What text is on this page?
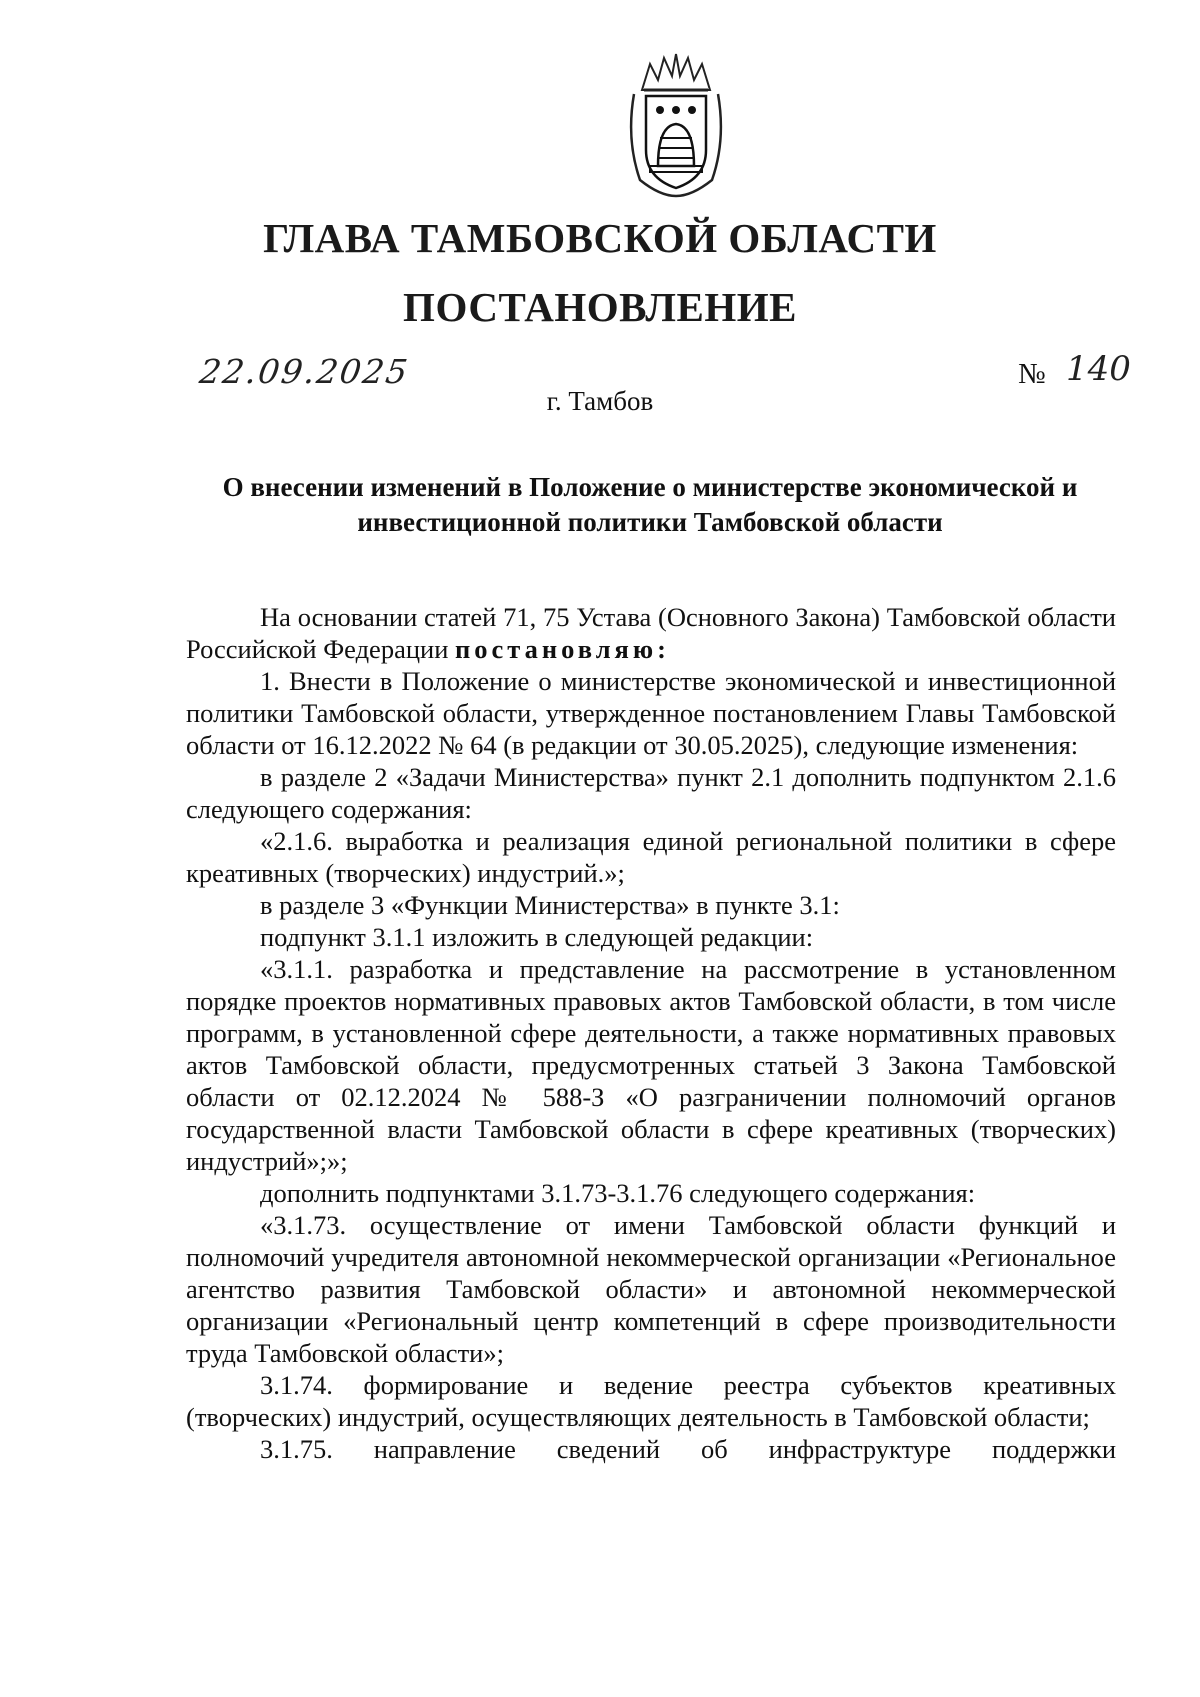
ГЛАВА ТАМБОВСКОЙ ОБЛАСТИ
ПОСТАНОВЛЕНИЕ
22.09.2025	№ 140
г. Тамбов
О внесении изменений в Положение о министерстве экономической и инвестиционной политики Тамбовской области

На основании статей 71, 75 Устава (Основного Закона) Тамбовской области Российской Федерации постановляю:

1. Внести в Положение о министерстве экономической и инвестиционной политики Тамбовской области, утвержденное постановлением Главы Тамбовской области от 16.12.2022 № 64 (в редакции от 30.05.2025), следующие изменения:

в разделе 2 «Задачи Министерства» пункт 2.1 дополнить подпунктом 2.1.6 следующего содержания:

«2.1.6. выработка и реализация единой региональной политики в сфере креативных (творческих) индустрий.»;

в разделе 3 «Функции Министерства» в пункте 3.1:

подпункт 3.1.1 изложить в следующей редакции:

«3.1.1. разработка и представление на рассмотрение в установленном порядке проектов нормативных правовых актов Тамбовской области, в том числе программ, в установленной сфере деятельности, а также нормативных правовых актов Тамбовской области, предусмотренных статьей 3 Закона Тамбовской области от 02.12.2024 № 588-З «О разграничении полномочий органов государственной власти Тамбовской области в сфере креативных (творческих) индустрий»;»;

дополнить подпунктами 3.1.73-3.1.76 следующего содержания:

«3.1.73. осуществление от имени Тамбовской области функций и полномочий учредителя автономной некоммерческой организации «Региональное агентство развития Тамбовской области» и автономной некоммерческой организации «Региональный центр компетенций в сфере производительности труда Тамбовской области»;

3.1.74. формирование и ведение реестра субъектов креативных (творческих) индустрий, осуществляющих деятельность в Тамбовской области;

3.1.75. направление сведений об инфраструктуре поддержки
